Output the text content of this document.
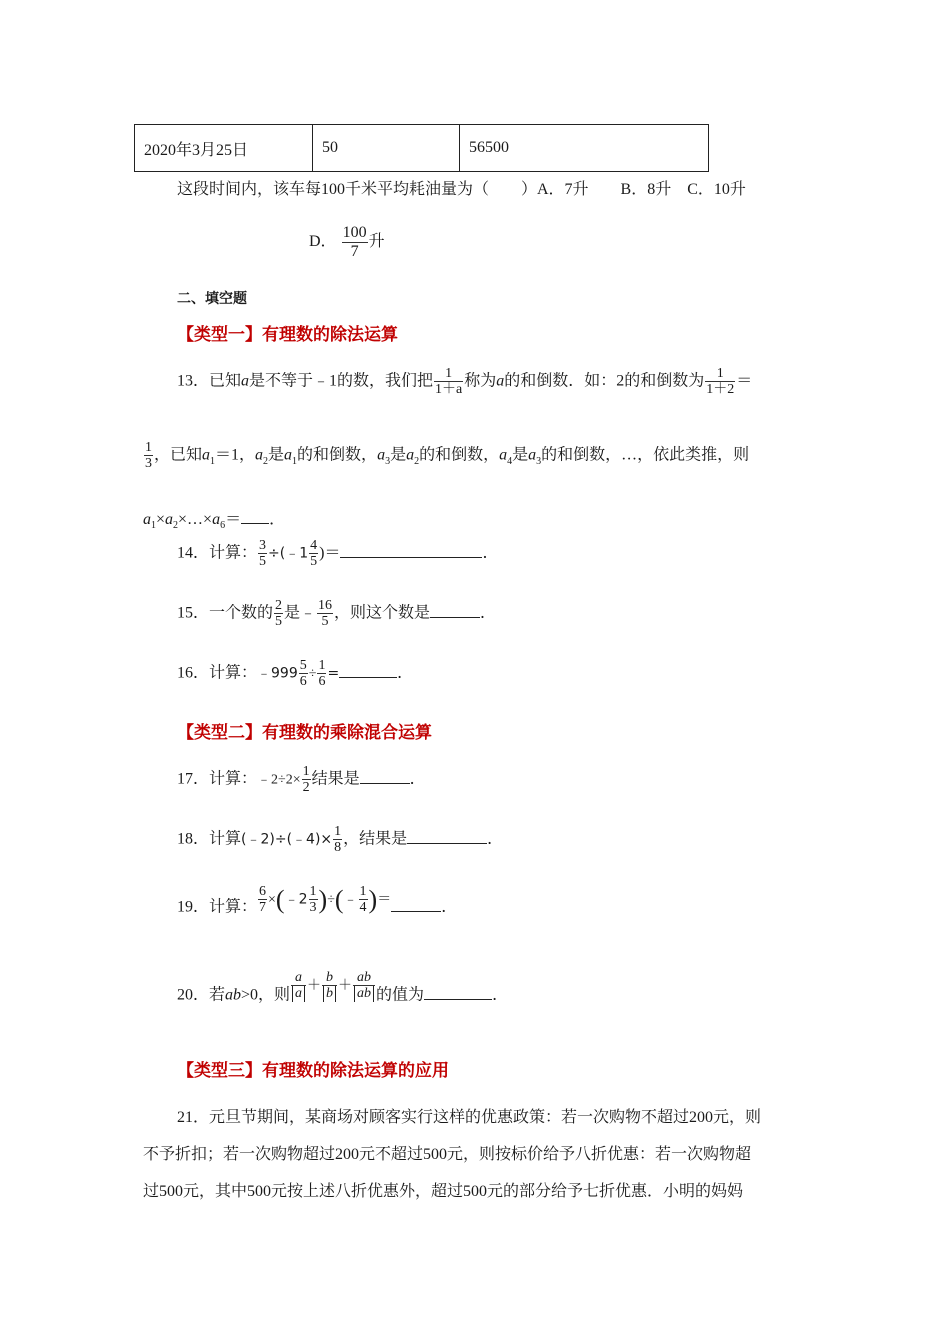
2020年3月25日	50	56500
这段时间内，该车每100千米平均耗油量为（　　）A．7升　　B．8升　C．10升
D． $\frac{100}{7}$ 升
二、填空题
【类型一】有理数的除法运算
13．已知a是不等于﹣1的数，我们把 $\frac{1}{1+a}$ 称为a的和倒数．如：2的和倒数为 $\frac{1}{1+2}$ ＝
$\frac{1}{3}$ ，已知$a_1=1$，$a_2$是$a_1$的和倒数，$a_3$是$a_2$的和倒数，$a_4$是$a_3$的和倒数，…，依此类推，则
$a_1\times a_2\times\dots\times a_6=$ ．
14．计算： $\frac{3}{5}$ ÷(﹣1 $\frac{4}{5}$ )＝	．
15．一个数的 $\frac{2}{5}$ 是﹣ $\frac{16}{5}$ ，则这个数是	．
16．计算：﹣999 $\frac{5}{6} \div \frac{1}{6}$ =	．
【类型二】有理数的乘除混合运算
17．计算：﹣2÷2× $\frac{1}{2}$ 结果是	．
18．计算(﹣2)÷(﹣4)× $\frac{1}{8}$ ，结果是	．
19．计算： $\frac{6}{7}$ ×(﹣2 $\frac{1}{3}$ )÷(﹣ $\frac{1}{4}$ )＝	．
20．若ab>0，则 $\frac{a}{a} + \frac{b}{b} + \frac{ab}{ab}$ 的值为	．
【类型三】有理数的除法运算的应用
21．元旦节期间，某商场对顾客实行这样的优惠政策：若一次购物不超过200元，则
不予折扣；若一次购物超过200元不超过500元，则按标价给予八折优惠：若一次购物超
过500元，其中500元按上述八折优惠外，超过500元的部分给予七折优惠．小明的妈妈
